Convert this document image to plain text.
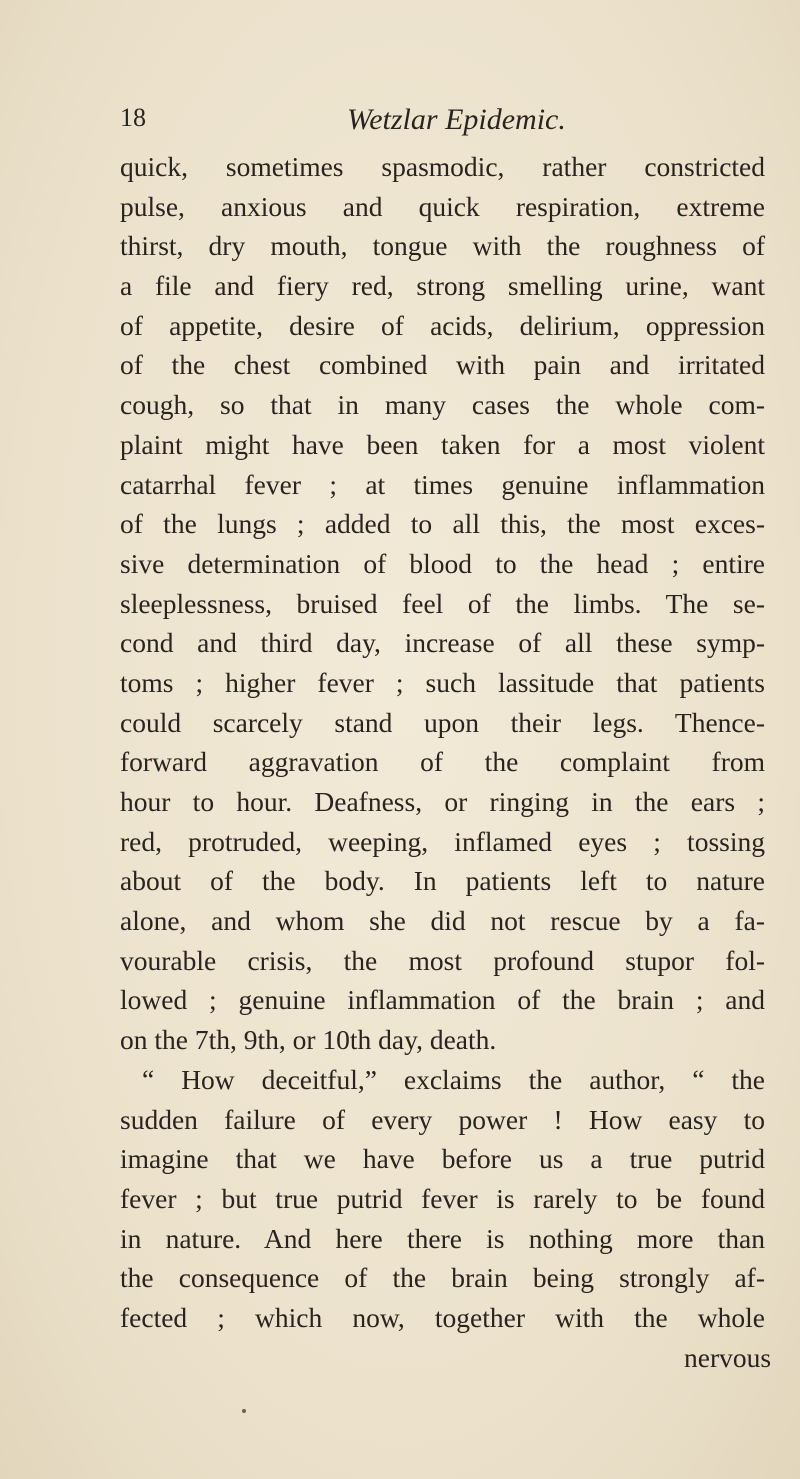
18	Wetzlar Epidemic.
quick, sometimes spasmodic, rather constricted
pulse, anxious and quick respiration, extreme
thirst, dry mouth, tongue with the roughness of
a file and fiery red, strong smelling urine, want
of appetite, desire of acids, delirium, oppression
of the chest combined with pain and irritated
cough, so that in many cases the whole com-
plaint might have been taken for a most violent
catarrhal fever ; at times genuine inflammation
of the lungs ; added to all this, the most exces-
sive determination of blood to the head ; entire
sleeplessness, bruised feel of the limbs. The se-
cond and third day, increase of all these symp-
toms ; higher fever ; such lassitude that patients
could scarcely stand upon their legs. Thence-
forward aggravation of the complaint from
hour to hour. Deafness, or ringing in the ears ;
red, protruded, weeping, inflamed eyes ; tossing
about of the body. In patients left to nature
alone, and whom she did not rescue by a fa-
vourable crisis, the most profound stupor fol-
lowed ; genuine inflammation of the brain ; and
on the 7th, 9th, or 10th day, death.
“ How deceitful,” exclaims the author, “ the
sudden failure of every power ! How easy to
imagine that we have before us a true putrid
fever ; but true putrid fever is rarely to be found
in nature. And here there is nothing more than
the consequence of the brain being strongly af-
fected ; which now, together with the whole
nervous
